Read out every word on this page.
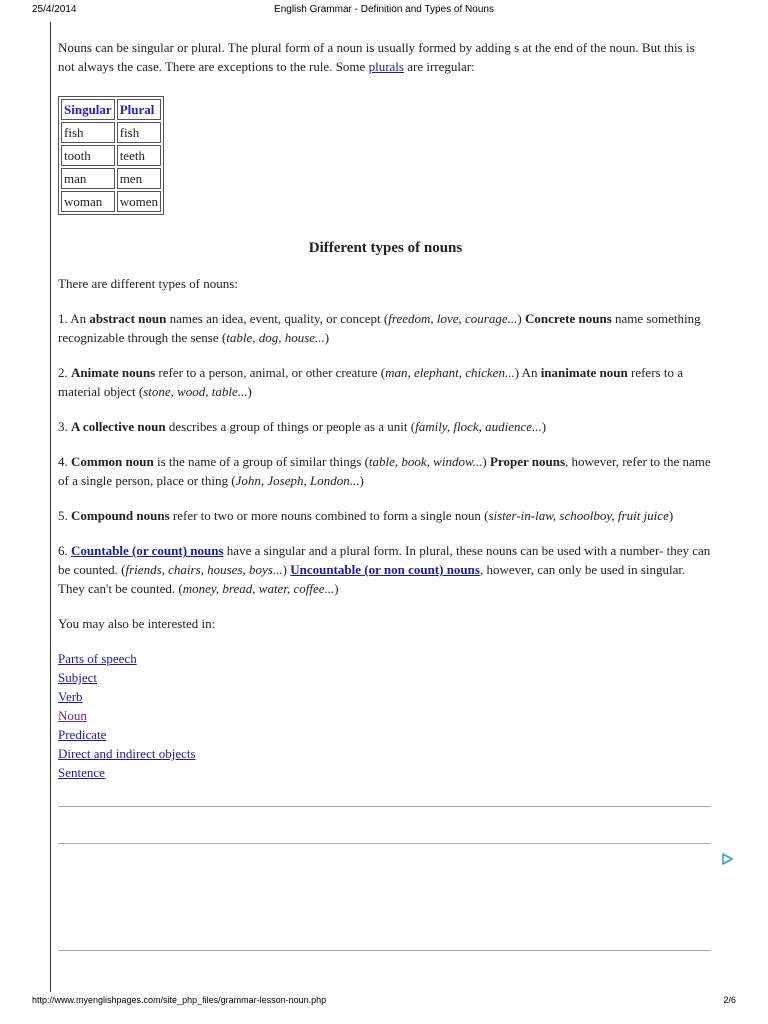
25/4/2014	English Grammar - Definition and Types of Nouns

Nouns can be singular or plural. The plural form of a noun is usually formed by adding s at the end of the noun. But this is not always the case. There are exceptions to the rule. Some plurals are irregular:

Singular	Plural
fish	fish
tooth	teeth
man	men
woman	women
Different types of nouns

There are different types of nouns:

1. An abstract noun names an idea, event, quality, or concept (freedom, love, courage...) Concrete nouns name something recognizable through the sense (table, dog, house...)

2. Animate nouns refer to a person, animal, or other creature (man, elephant, chicken...) An inanimate noun refers to a material object (stone, wood, table...)

3. A collective noun describes a group of things or people as a unit (family, flock, audience...)

4. Common noun is the name of a group of similar things (table, book, window...) Proper nouns, however, refer to the name of a single person, place or thing (John, Joseph, London...)

5. Compound nouns refer to two or more nouns combined to form a single noun (sister-in-law, schoolboy, fruit juice)

6. Countable (or count) nouns have a singular and a plural form. In plural, these nouns can be used with a number- they can be counted. (friends, chairs, houses, boys...) Uncountable (or non count) nouns, however, can only be used in singular. They can't be counted. (money, bread, water, coffee...)

You may also be interested in:

Parts of speech
Subject
Verb
Noun
Predicate
Direct and indirect objects
Sentence
http://www.myenglishpages.com/site_php_files/grammar-lesson-noun.php	2/6
